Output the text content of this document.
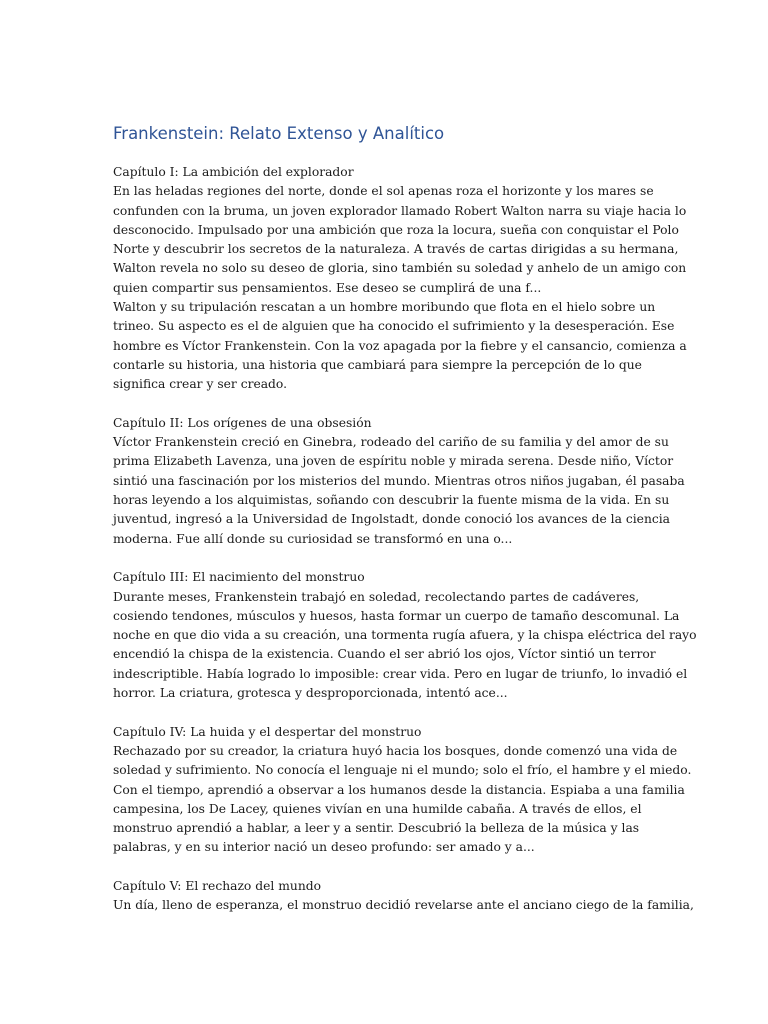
Frankenstein: Relato Extenso y Analítico
Capítulo I: La ambición del explorador
En las heladas regiones del norte, donde el sol apenas roza el horizonte y los mares se
confunden con la bruma, un joven explorador llamado Robert Walton narra su viaje hacia lo
desconocido. Impulsado por una ambición que roza la locura, sueña con conquistar el Polo
Norte y descubrir los secretos de la naturaleza. A través de cartas dirigidas a su hermana,
Walton revela no solo su deseo de gloria, sino también su soledad y anhelo de un amigo con
quien compartir sus pensamientos. Ese deseo se cumplirá de una f...
Walton y su tripulación rescatan a un hombre moribundo que flota en el hielo sobre un
trineo. Su aspecto es el de alguien que ha conocido el sufrimiento y la desesperación. Ese
hombre es Víctor Frankenstein. Con la voz apagada por la fiebre y el cansancio, comienza a
contarle su historia, una historia que cambiará para siempre la percepción de lo que
significa crear y ser creado.
Capítulo II: Los orígenes de una obsesión
Víctor Frankenstein creció en Ginebra, rodeado del cariño de su familia y del amor de su
prima Elizabeth Lavenza, una joven de espíritu noble y mirada serena. Desde niño, Víctor
sintió una fascinación por los misterios del mundo. Mientras otros niños jugaban, él pasaba
horas leyendo a los alquimistas, soñando con descubrir la fuente misma de la vida. En su
juventud, ingresó a la Universidad de Ingolstadt, donde conoció los avances de la ciencia
moderna. Fue allí donde su curiosidad se transformó en una o...
Capítulo III: El nacimiento del monstruo
Durante meses, Frankenstein trabajó en soledad, recolectando partes de cadáveres,
cosiendo tendones, músculos y huesos, hasta formar un cuerpo de tamaño descomunal. La
noche en que dio vida a su creación, una tormenta rugía afuera, y la chispa eléctrica del rayo
encendió la chispa de la existencia. Cuando el ser abrió los ojos, Víctor sintió un terror
indescriptible. Había logrado lo imposible: crear vida. Pero en lugar de triunfo, lo invadió el
horror. La criatura, grotesca y desproporcionada, intentó ace...
Capítulo IV: La huida y el despertar del monstruo
Rechazado por su creador, la criatura huyó hacia los bosques, donde comenzó una vida de
soledad y sufrimiento. No conocía el lenguaje ni el mundo; solo el frío, el hambre y el miedo.
Con el tiempo, aprendió a observar a los humanos desde la distancia. Espiaba a una familia
campesina, los De Lacey, quienes vivían en una humilde cabaña. A través de ellos, el
monstruo aprendió a hablar, a leer y a sentir. Descubrió la belleza de la música y las
palabras, y en su interior nació un deseo profundo: ser amado y a...
Capítulo V: El rechazo del mundo
Un día, lleno de esperanza, el monstruo decidió revelarse ante el anciano ciego de la familia,
